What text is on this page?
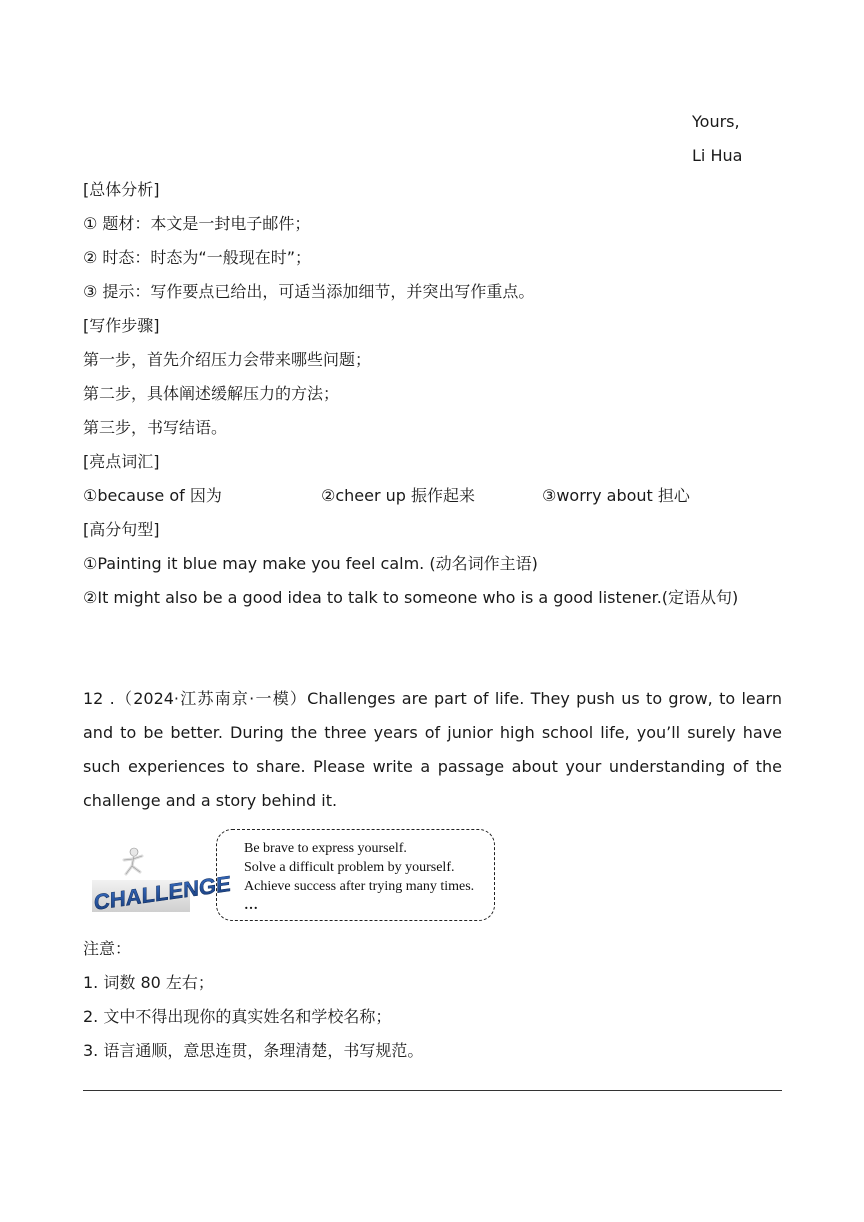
Yours,
Li Hua
[总体分析]
① 题材：本文是一封电子邮件；
② 时态：时态为“一般现在时”；
③ 提示：写作要点已给出，可适当添加细节，并突出写作重点。
[写作步骤]
第一步，首先介绍压力会带来哪些问题；
第二步，具体阐述缓解压力的方法；
第三步，书写结语。
[亮点词汇]
①because of 因为	②cheer up 振作起来	③worry about 担心
[高分句型]
①Painting it blue may make you feel calm. (动名词作主语)
②It might also be a good idea to talk to someone who is a good listener.(定语从句)
12 .（2024·江苏南京·一模）Challenges are part of life. They push us to grow, to learn and to be better. During the three years of junior high school life, you’ll surely have such experiences to share. Please write a passage about your understanding of the challenge and a story behind it.
CHALLENGE
Be brave to express yourself.
Solve a difficult problem by yourself.
Achieve success after trying many times.
…
注意：
1. 词数 80 左右；
2. 文中不得出现你的真实姓名和学校名称；
3. 语言通顺，意思连贯，条理清楚，书写规范。
